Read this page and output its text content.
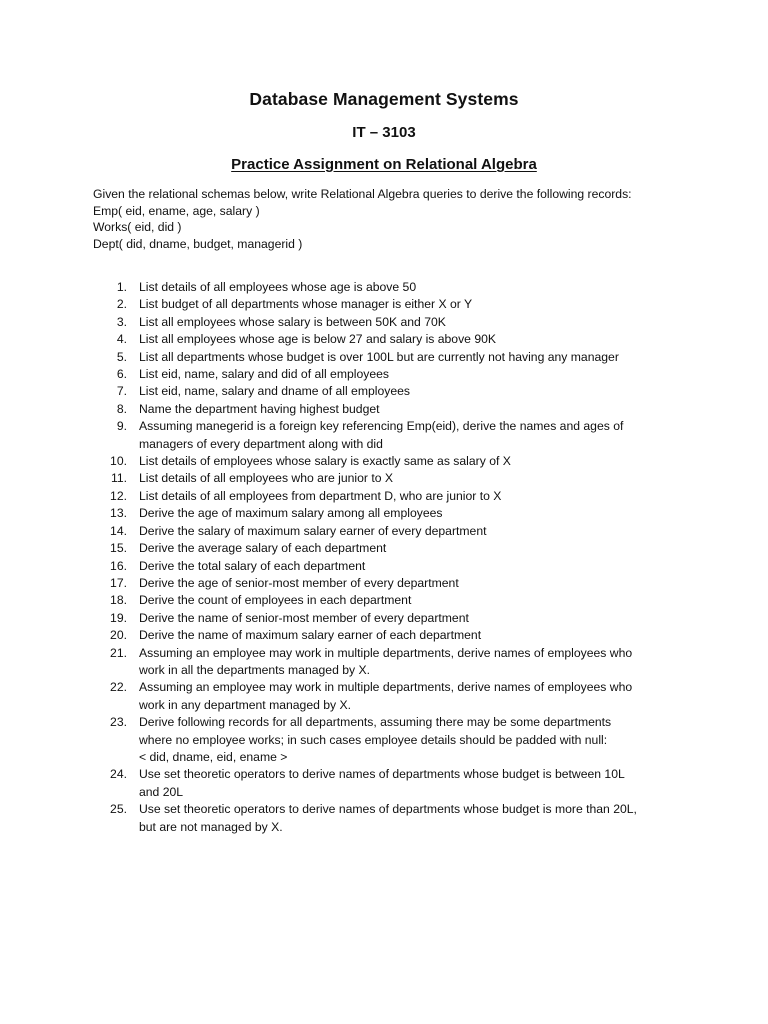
Database Management Systems
IT – 3103
Practice Assignment on Relational Algebra
Given the relational schemas below, write Relational Algebra queries to derive the following records:
Emp( eid, ename, age, salary )
Works( eid, did )
Dept( did, dname, budget, managerid )
1. List details of all employees whose age is above 50
2. List budget of all departments whose manager is either X or Y
3. List all employees whose salary is between 50K and 70K
4. List all employees whose age is below 27 and salary is above 90K
5. List all departments whose budget is over 100L but are currently not having any manager
6. List eid, name, salary and did of all employees
7. List eid, name, salary and dname of all employees
8. Name the department having highest budget
9. Assuming manegerid is a foreign key referencing Emp(eid), derive the names and ages of
managers of every department along with did
10. List details of employees whose salary is exactly same as salary of X
11. List details of all employees who are junior to X
12. List details of all employees from department D, who are junior to X
13. Derive the age of maximum salary among all employees
14. Derive the salary of maximum salary earner of every department
15. Derive the average salary of each department
16. Derive the total salary of each department
17. Derive the age of senior-most member of every department
18. Derive the count of employees in each department
19. Derive the name of senior-most member of every department
20. Derive the name of maximum salary earner of each department
21. Assuming an employee may work in multiple departments, derive names of employees who
work in all the departments managed by X.
22. Assuming an employee may work in multiple departments, derive names of employees who
work in any department managed by X.
23. Derive following records for all departments, assuming there may be some departments
where no employee works; in such cases employee details should be padded with null:
< did, dname, eid, ename >
24. Use set theoretic operators to derive names of departments whose budget is between 10L
and 20L
25. Use set theoretic operators to derive names of departments whose budget is more than 20L,
but are not managed by X.
